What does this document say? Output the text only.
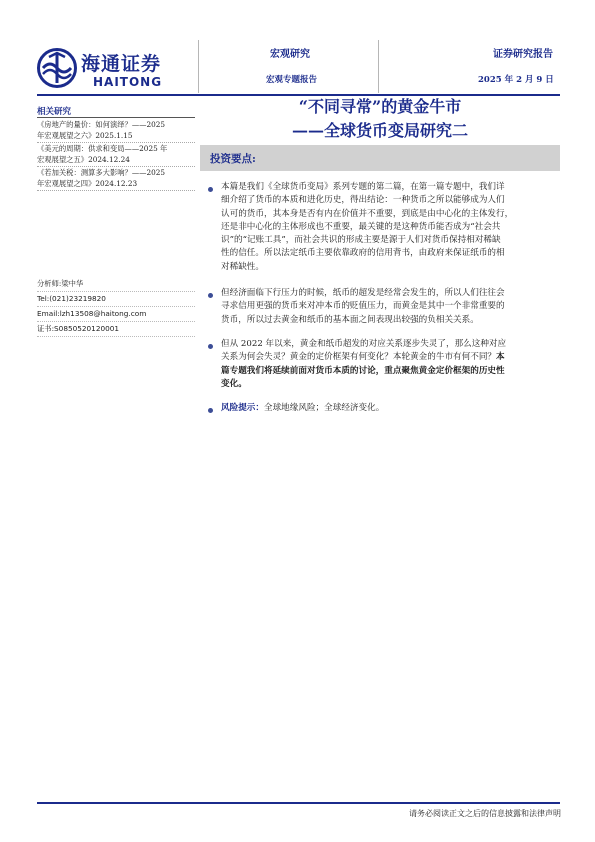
海通证券
HAITONG
宏观研究
宏观专题报告
证券研究报告
2025 年 2 月 9 日
相关研究
《房地产的量价：如何演绎？——2025
年宏观展望之六》2025.1.15
《美元的周期：供求和变局——2025 年
宏观展望之五》2024.12.24
《若加关税：测算多大影响？——2025
年宏观展望之四》2024.12.23
分析师:梁中华
Tel:(021)23219820
Email:lzh13508@haitong.com
证书:S0850520120001
“不同寻常”的黄金牛市
——全球货币变局研究二
投资要点:
本篇是我们《全球货币变局》系列专题的第二篇，在第一篇专题中，我们详
细介绍了货币的本质和进化历史，得出结论：一种货币之所以能够成为人们
认可的货币，其本身是否有内在价值并不重要，到底是由中心化的主体发行，
还是非中心化的主体形成也不重要，最关键的是这种货币能否成为“社会共
识”的“记账工具”，而社会共识的形成主要是源于人们对货币保持相对稀缺
性的信任。所以法定纸币主要依靠政府的信用背书，由政府来保证纸币的相
对稀缺性。
但经济面临下行压力的时候，纸币的超发是经常会发生的，所以人们往往会
寻求信用更强的货币来对冲本币的贬值压力，而黄金是其中一个非常重要的
货币，所以过去黄金和纸币的基本面之间表现出较强的负相关关系。
但从 2022 年以来，黄金和纸币超发的对应关系逐步失灵了，那么这种对应
关系为何会失灵？黄金的定价框架有何变化？本轮黄金的牛市有何不同？本
篇专题我们将延续前面对货币本质的讨论，重点聚焦黄金定价框架的历史性
变化。
风险提示：全球地缘风险；全球经济变化。
请务必阅读正文之后的信息披露和法律声明
